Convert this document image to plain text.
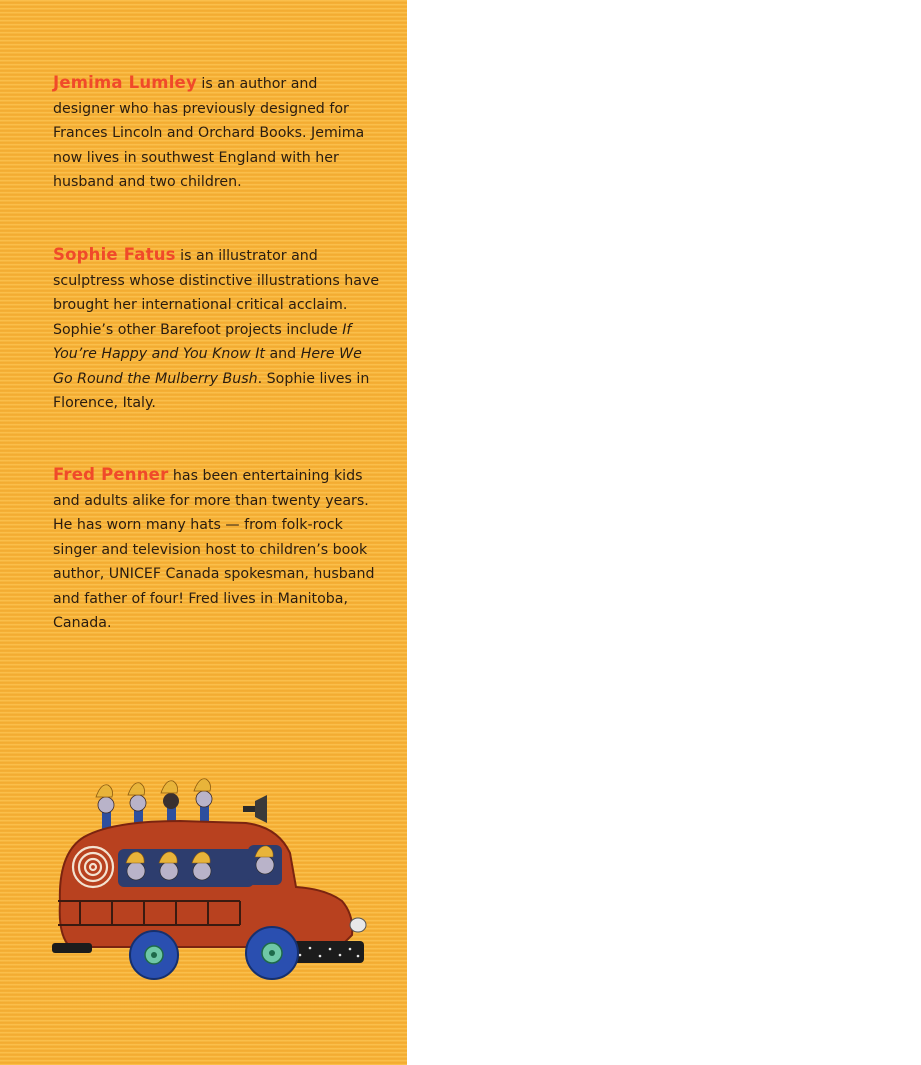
Jemima Lumley is an author and designer who has previously designed for Frances Lincoln and Orchard Books. Jemima now lives in southwest England with her husband and two children.

Sophie Fatus is an illustrator and sculptress whose distinctive illustrations have brought her international critical acclaim. Sophie’s other Barefoot projects include If You’re Happy and You Know It and Here We Go Round the Mulberry Bush. Sophie lives in Florence, Italy.

Fred Penner has been entertaining kids and adults alike for more than twenty years. He has worn many hats — from folk-rock singer and television host to children’s book author, UNICEF Canada spokesman, husband and father of four! Fred lives in Manitoba, Canada.
